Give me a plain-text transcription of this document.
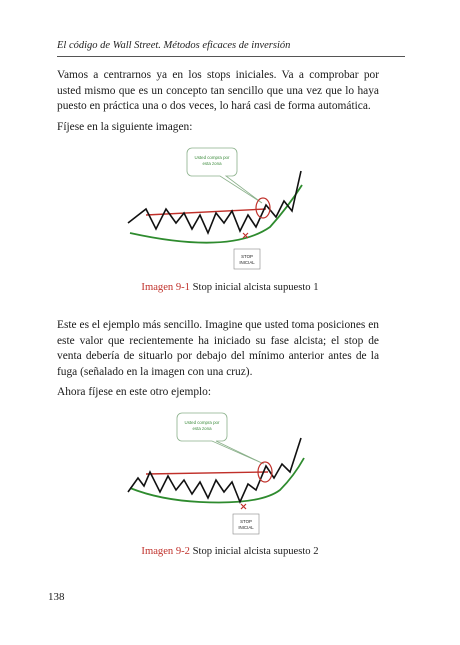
El código de Wall Street. Métodos eficaces de inversión

Vamos a centrarnos ya en los stops iniciales. Va a comprobar por usted mismo que es un concepto tan sencillo que una vez que lo haya puesto en práctica una o dos veces, lo hará casi de forma automática.

Fíjese en la siguiente imagen:

Usted compra por
esta zona
STOP
INICIAL
Imagen 9-1 Stop inicial alcista supuesto 1

Este es el ejemplo más sencillo. Imagine que usted toma posiciones en este valor que recientemente ha iniciado su fase alcista; el stop de venta debería de situarlo por debajo del mínimo anterior antes de la fuga (señalado en la imagen con una cruz).

Ahora fíjese en este otro ejemplo:

Usted compra por
esta zona
STOP
INICIAL
Imagen 9-2 Stop inicial alcista supuesto 2
138
